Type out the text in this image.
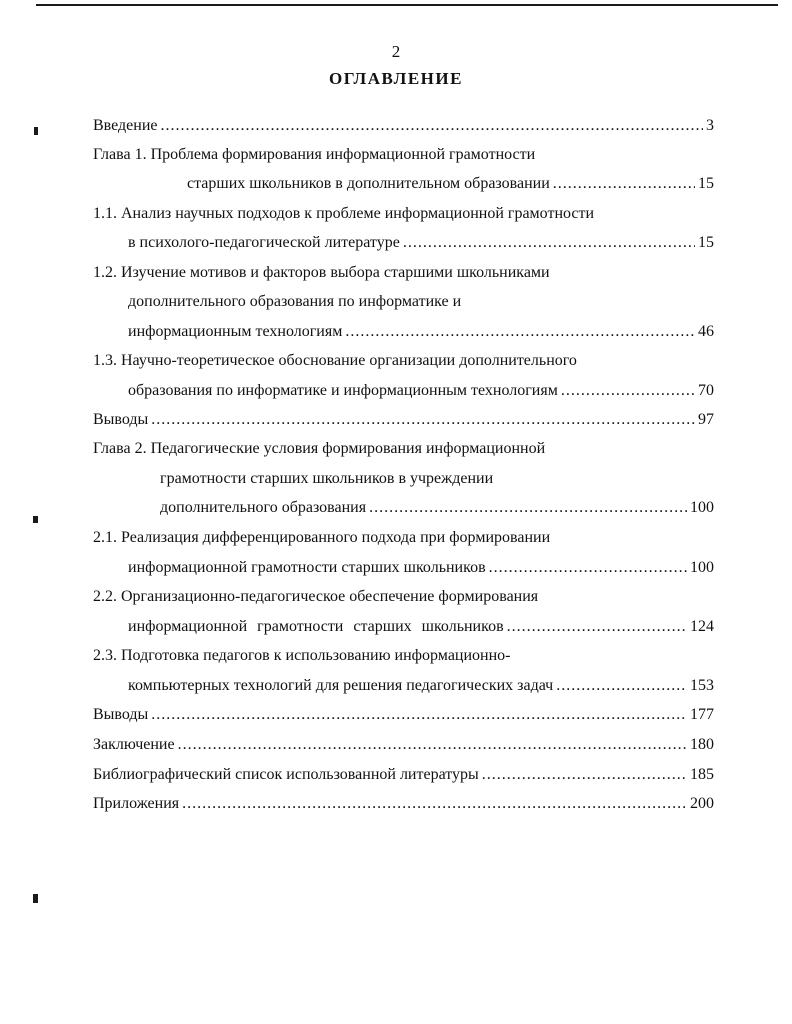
2
ОГЛАВЛЕНИЕ
Введение .....	3
Глава 1. Проблема формирования информационной грамотности
старших школьников в дополнительном образовании .....	15
1.1. Анализ научных подходов к проблеме информационной грамотности
в психолого-педагогической литературе .....	15
1.2. Изучение мотивов и факторов выбора старшими школьниками
дополнительного образования по информатике и
информационным технологиям .....	46
1.3. Научно-теоретическое обоснование организации дополнительного
образования по информатике и информационным технологиям .....	70
Выводы .....	97
Глава 2. Педагогические условия формирования информационной
грамотности старших школьников в учреждении
дополнительного образования .....	100
2.1. Реализация дифференцированного подхода при формировании
информационной грамотности старших школьников .....	100
2.2. Организационно-педагогическое обеспечение формирования
информационной грамотности старших школьников .....	124
2.3. Подготовка педагогов к использованию информационно-
компьютерных технологий для решения педагогических задач .....	153
Выводы .....	177
Заключение .....	180
Библиографический список использованной литературы .....	185
Приложения .....	200
